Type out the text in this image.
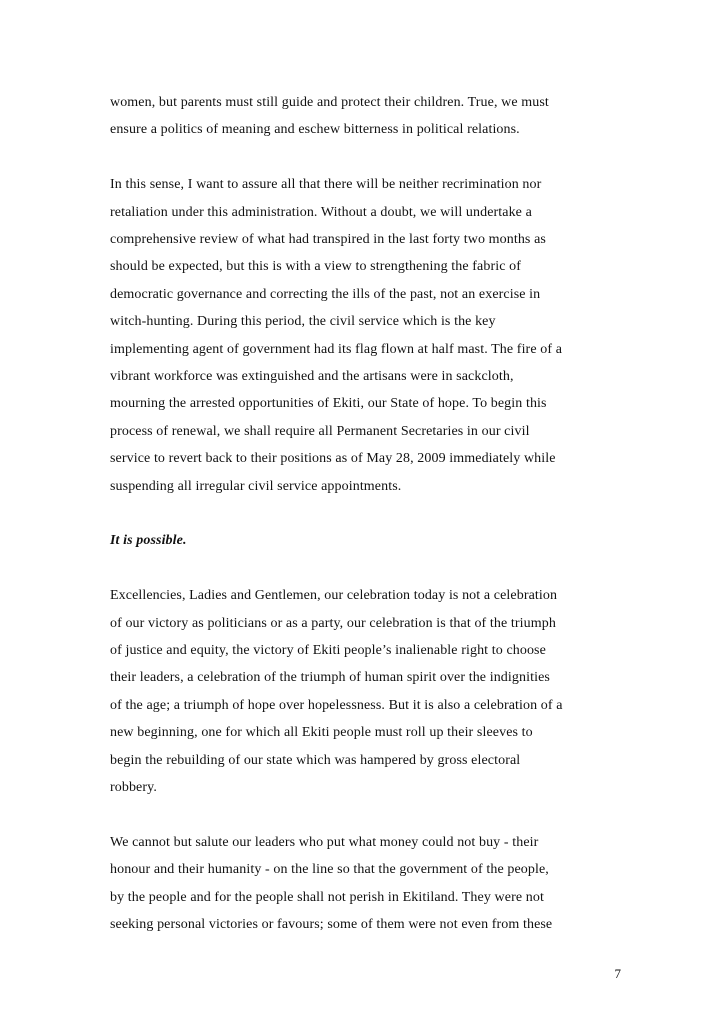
women, but parents must still guide and protect their children. True, we must
ensure a politics of meaning and eschew bitterness in political relations.

In this sense, I want to assure all that there will be neither recrimination nor
retaliation under this administration. Without a doubt, we will undertake a
comprehensive review of what had transpired in the last forty two months as
should be expected, but this is with a view to strengthening the fabric of
democratic governance and correcting the ills of the past, not an exercise in
witch-hunting. During this period, the civil service which is the key
implementing agent of government had its flag flown at half mast. The fire of a
vibrant workforce was extinguished and the artisans were in sackcloth,
mourning the arrested opportunities of Ekiti, our State of hope. To begin this
process of renewal, we shall require all Permanent Secretaries in our civil
service to revert back to their positions as of May 28, 2009 immediately while
suspending all irregular civil service appointments.

It is possible.

Excellencies, Ladies and Gentlemen, our celebration today is not a celebration
of our victory as politicians or as a party, our celebration is that of the triumph
of justice and equity, the victory of Ekiti people’s inalienable right to choose
their leaders, a celebration of the triumph of human spirit over the indignities
of the age; a triumph of hope over hopelessness. But it is also a celebration of a
new beginning, one for which all Ekiti people must roll up their sleeves to
begin the rebuilding of our state which was hampered by gross electoral
robbery.

We cannot but salute our leaders who put what money could not buy - their
honour and their humanity - on the line so that the government of the people,
by the people and for the people shall not perish in Ekitiland. They were not
seeking personal victories or favours; some of them were not even from these

7
